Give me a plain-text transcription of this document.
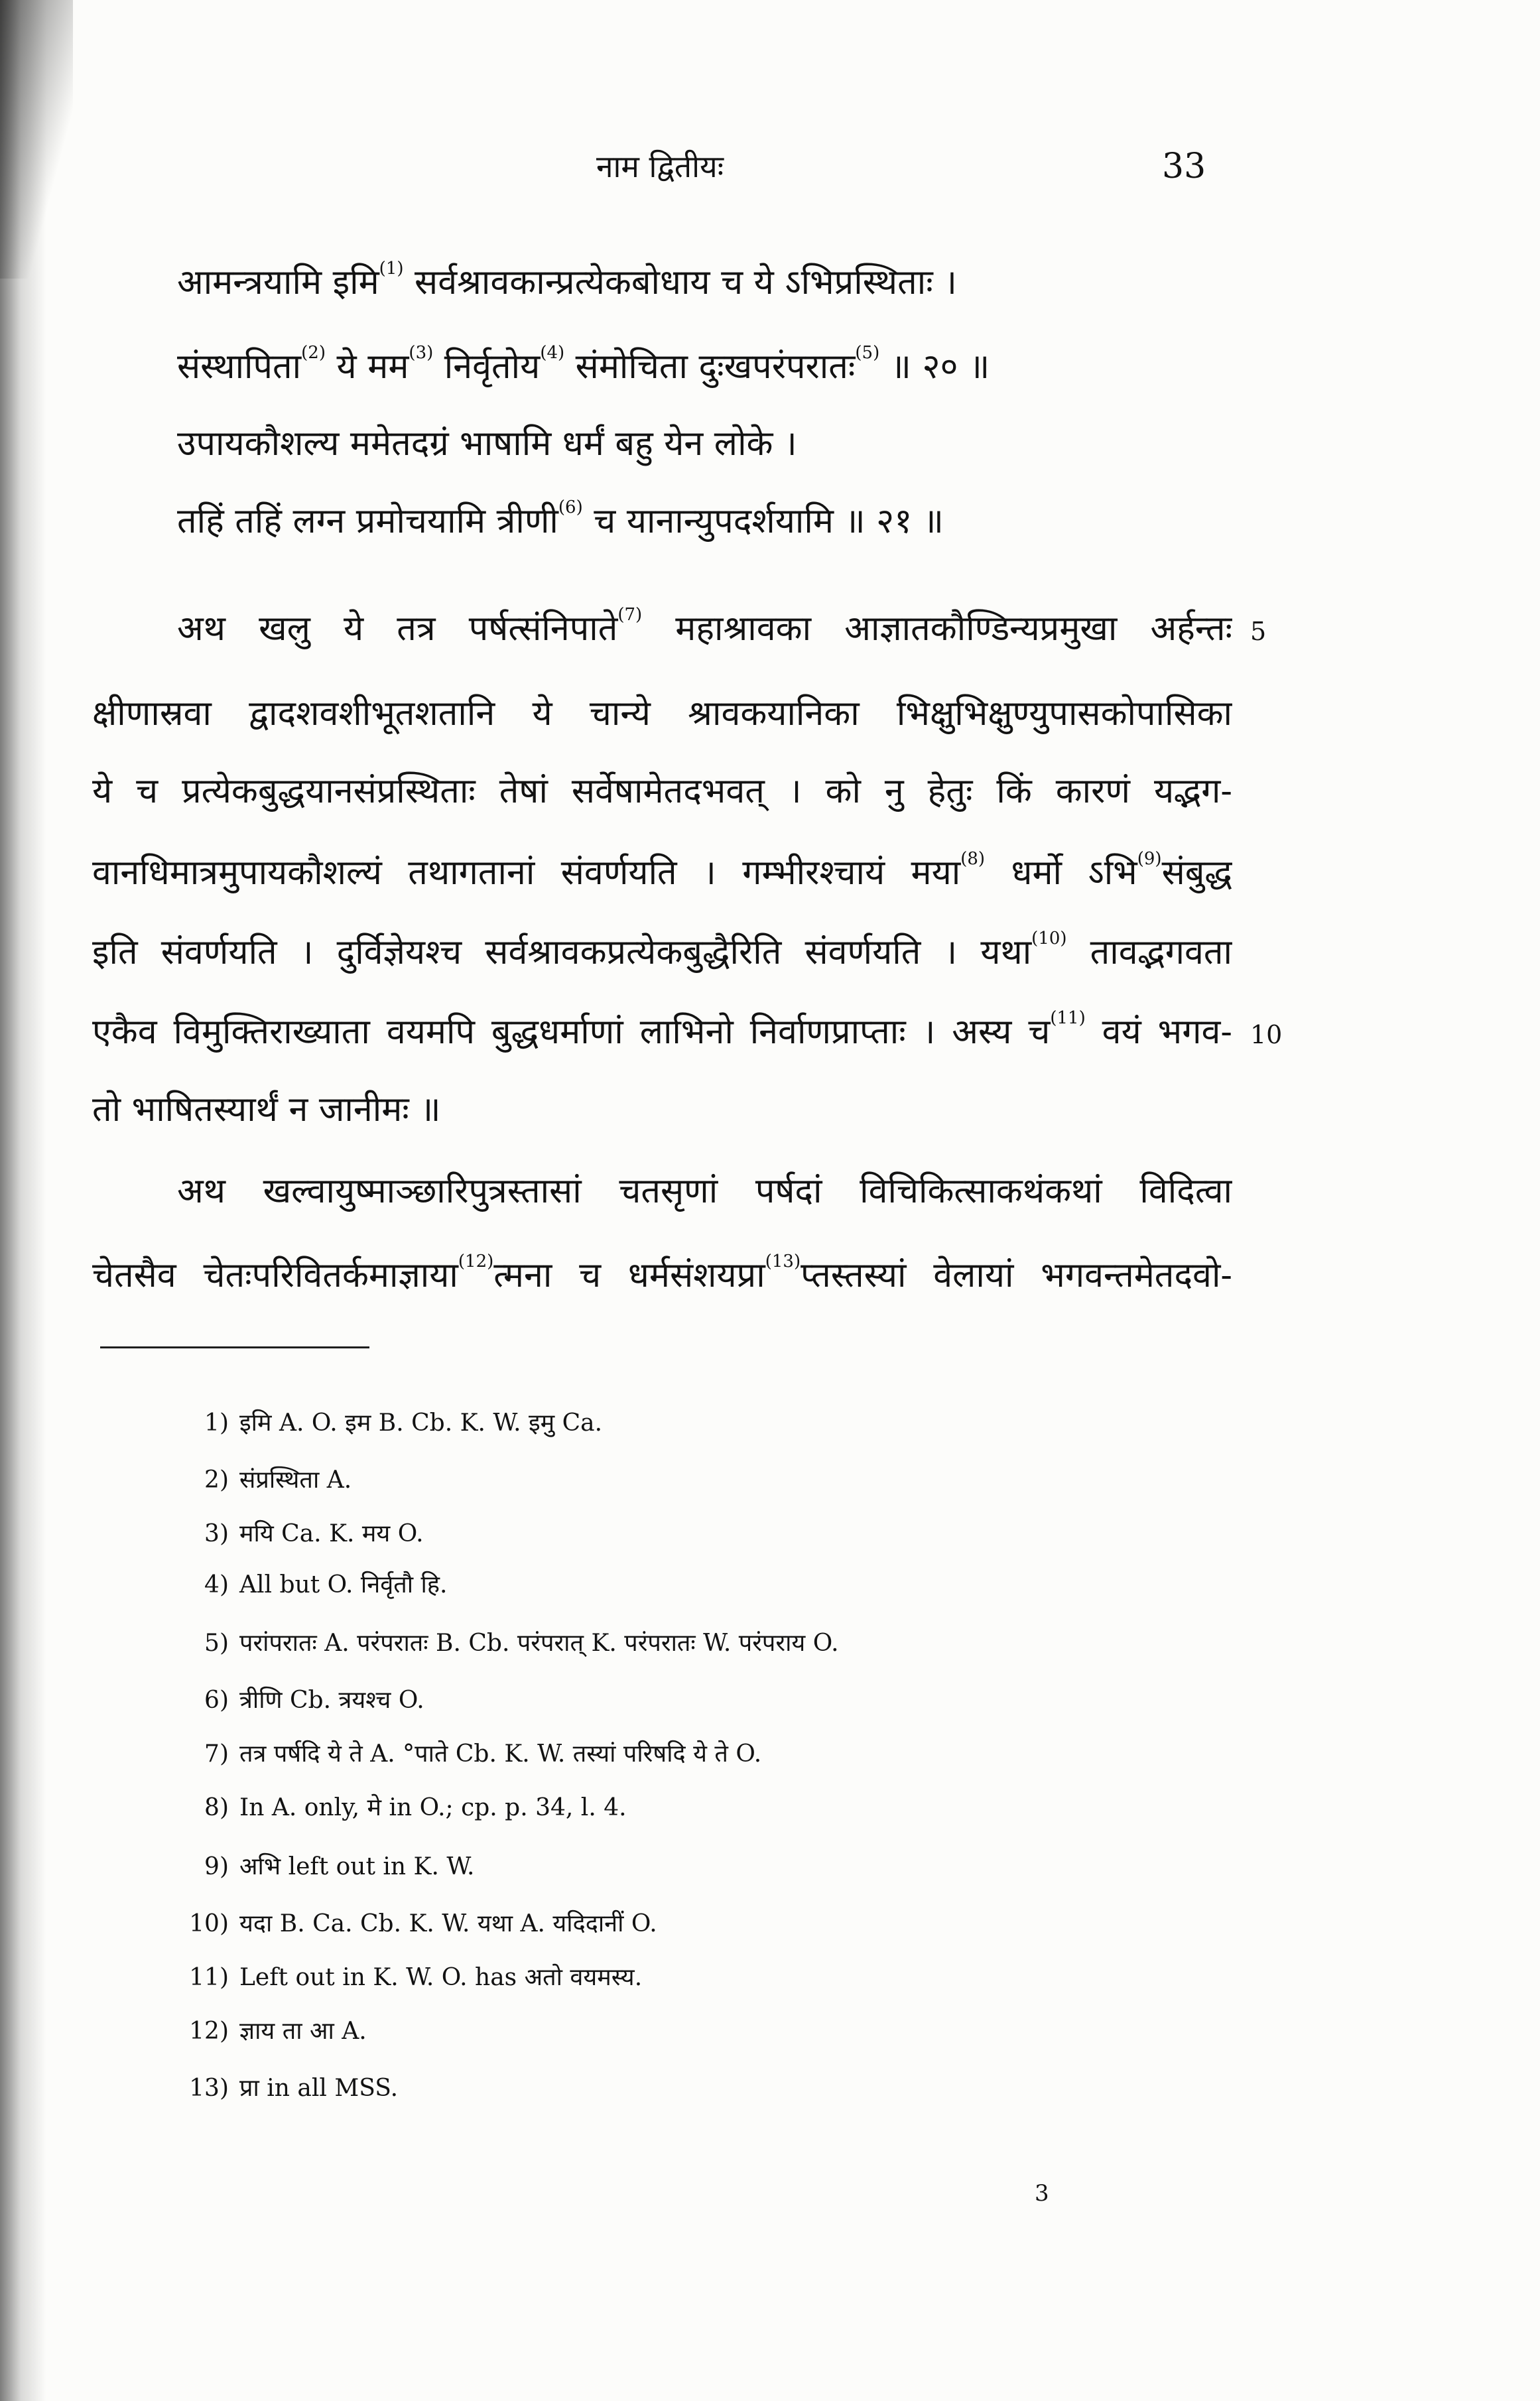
नाम द्वितीयः	33
आमन्त्रयामि इमि$^{(1)}$ सर्वश्रावकान्प्रत्येकबोधाय च ये ऽभिप्रस्थिताः ।
संस्थापिता$^{(2)}$ ये मम$^{(3)}$ निर्वृतोय$^{(4)}$ संमोचिता दुःखपरंपरातः$^{(5)}$ ॥ २० ॥
उपायकौशल्य ममेतदग्रं भाषामि धर्मं बहु येन लोके ।
तहिं तहिं लग्न प्रमोचयामि त्रीणी$^{(6)}$ च यानान्युपदर्शयामि ॥ २१ ॥
अथ खलु ये तत्र पर्षत्संनिपाते$^{(7)}$ महाश्रावका आज्ञातकौण्डिन्यप्रमुखा अर्हन्तः 5
क्षीणास्रवा द्वादशवशीभूतशतानि ये चान्ये श्रावकयानिका भिक्षुभिक्षुण्युपासकोपासिका
ये च प्रत्येकबुद्धयानसंप्रस्थिताः तेषां सर्वेषामेतदभवत् । को नु हेतुः किं कारणं यद्भग-
वानधिमात्रमुपायकौशल्यं तथागतानां संवर्णयति । गम्भीरश्चायं मया$^{(8)}$ धर्मो ऽभि$^{(9)}$संबुद्ध
इति संवर्णयति । दुर्विज्ञेयश्च सर्वश्रावकप्रत्येकबुद्धैरिति संवर्णयति । यथा$^{(10)}$ तावद्भगवता
एकैव विमुक्तिराख्याता वयमपि बुद्धधर्माणां लाभिनो निर्वाणप्राप्ताः । अस्य च$^{(11)}$ वयं भगव- 10
तो भाषितस्यार्थं न जानीमः ॥
अथ खल्वायुष्माञ्छारिपुत्रस्तासां चतसृणां पर्षदां विचिकित्साकथंकथां विदित्वा
चेतसैव चेतःपरिवितर्कमाज्ञाया$^{(12)}$त्मना च धर्मसंशयप्रा$^{(13)}$प्तस्तस्यां वेलायां भगवन्तमेतदवो-
1) इमि A. O. इम B. Cb. K. W. इमु Ca.
2) संप्रस्थिता A.
3) मयि Ca. K. मय O.
4) All but O. निर्वृतौ हि.
5) परांपरातः A. परंपरातः B. Cb. परंपरात् K. परंपरातः W. परंपराय O.
6) त्रीणि Cb. त्रयश्च O.
7) तत्र पर्षदि ये ते A. °पाते Cb. K. W. तस्यां परिषदि ये ते O.
8) In A. only, मे in O.; cp. p. 34, l. 4.
9) अभि left out in K. W.
10) यदा B. Ca. Cb. K. W. यथा A. यदिदानीं O.
11) Left out in K. W. O. has अतो वयमस्य.
12) ज्ञाय ता आ A.
13) प्रा in all MSS.
3
